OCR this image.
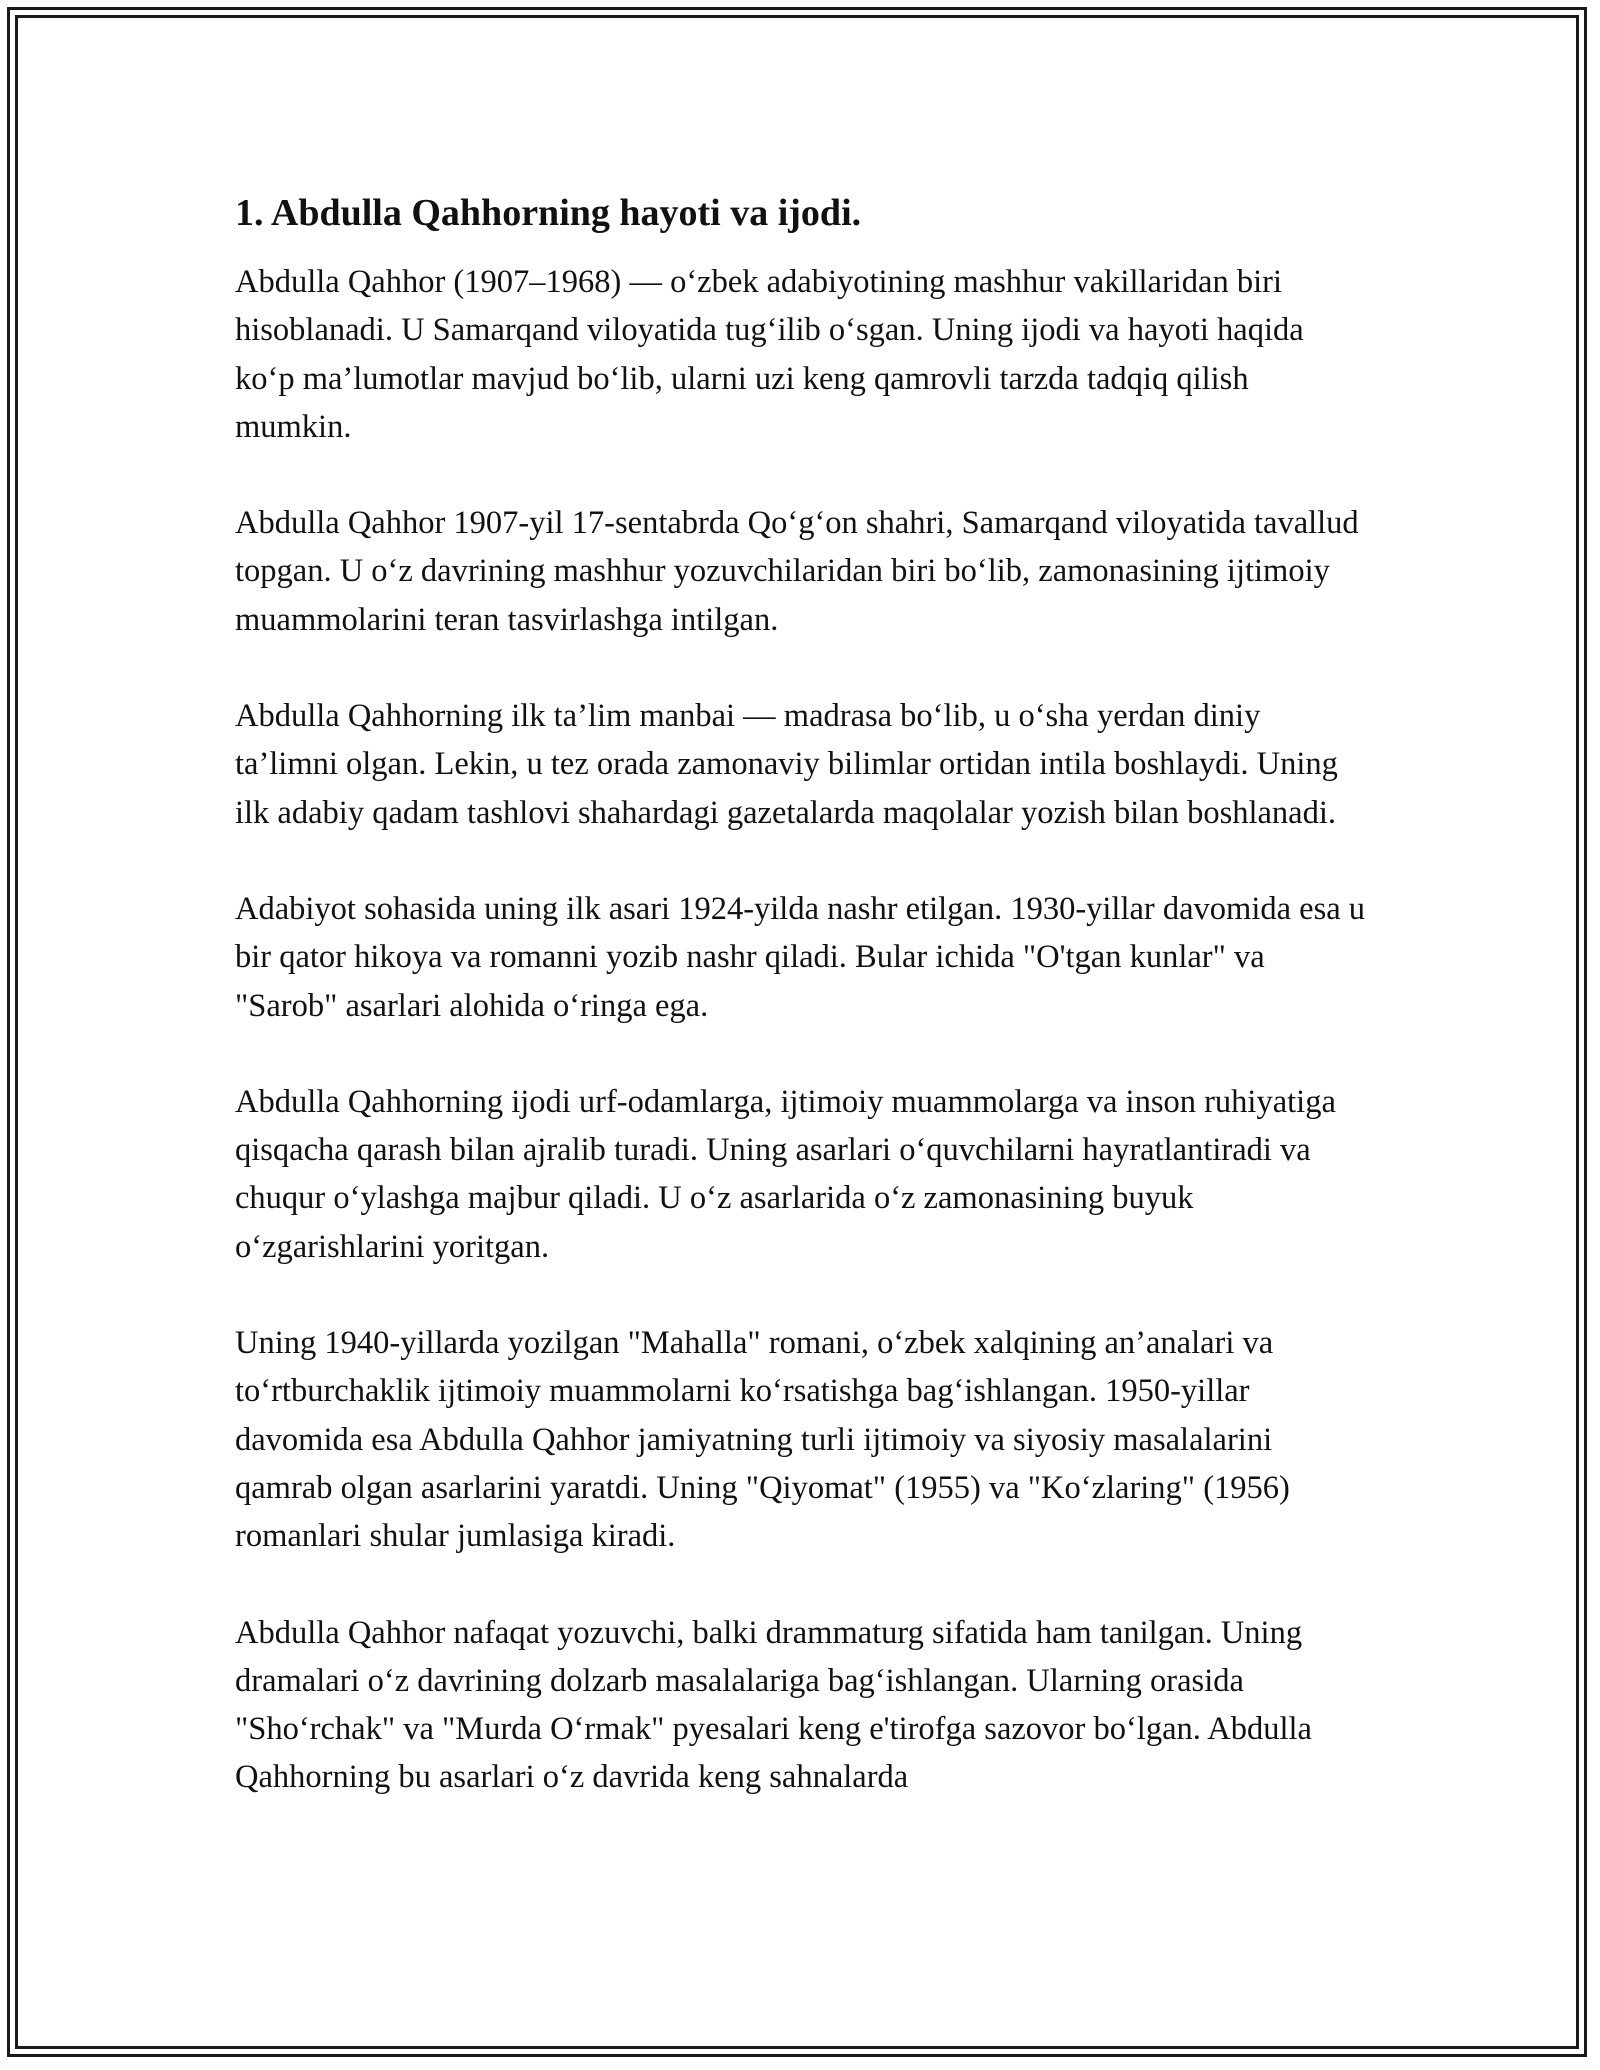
1. Abdulla Qahhorning hayoti va ijodi.

Abdulla Qahhor (1907–1968) — o‘zbek adabiyotining mashhur vakillaridan biri hisoblanadi. U Samarqand viloyatida tug‘ilib o‘sgan. Uning ijodi va hayoti haqida ko‘p ma’lumotlar mavjud bo‘lib, ularni uzi keng qamrovli tarzda tadqiq qilish mumkin.

Abdulla Qahhor 1907-yil 17-sentabrda Qo‘g‘on shahri, Samarqand viloyatida tavallud topgan. U o‘z davrining mashhur yozuvchilaridan biri bo‘lib, zamonasining ijtimoiy muammolarini teran tasvirlashga intilgan.

Abdulla Qahhorning ilk ta’lim manbai — madrasa bo‘lib, u o‘sha yerdan diniy ta’limni olgan. Lekin, u tez orada zamonaviy bilimlar ortidan intila boshlaydi. Uning ilk adabiy qadam tashlovi shahardagi gazetalarda maqolalar yozish bilan boshlanadi.

Adabiyot sohasida uning ilk asari 1924-yilda nashr etilgan. 1930-yillar davomida esa u bir qator hikoya va romanni yozib nashr qiladi. Bular ichida "O'tgan kunlar" va "Sarob" asarlari alohida o‘ringa ega.

Abdulla Qahhorning ijodi urf-odamlarga, ijtimoiy muammolarga va inson ruhiyatiga qisqacha qarash bilan ajralib turadi. Uning asarlari o‘quvchilarni hayratlantiradi va chuqur o‘ylashga majbur qiladi. U o‘z asarlarida o‘z zamonasining buyuk o‘zgarishlarini yoritgan.

Uning 1940-yillarda yozilgan "Mahalla" romani, o‘zbek xalqining an’analari va to‘rtburchaklik ijtimoiy muammolarni ko‘rsatishga bag‘ishlangan. 1950-yillar davomida esa Abdulla Qahhor jamiyatning turli ijtimoiy va siyosiy masalalarini qamrab olgan asarlarini yaratdi. Uning "Qiyomat" (1955) va "Ko‘zlaring" (1956) romanlari shular jumlasiga kiradi.

Abdulla Qahhor nafaqat yozuvchi, balki drammaturg sifatida ham tanilgan. Uning dramalari o‘z davrining dolzarb masalalariga bag‘ishlangan. Ularning orasida "Sho‘rchak" va "Murda O‘rmak" pyesalari keng e'tirofga sazovor bo‘lgan. Abdulla Qahhorning bu asarlari o‘z davrida keng sahnalarda
